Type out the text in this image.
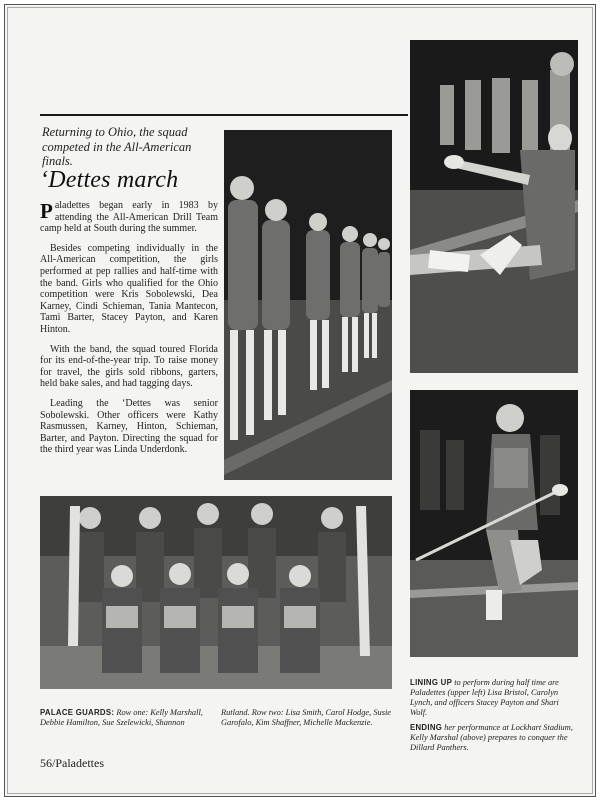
Returning to Ohio, the squad competed in the All-American finals.
‘Dettes march

Paladettes began early in 1983 by attending the All-American Drill Team camp held at South during the summer.

Besides competing individually in the All-American competition, the girls performed at pep rallies and half-time with the band. Girls who qualified for the Ohio competition were Kris Sobolewski, Dea Karney, Cindi Schieman, Tania Mantecon, Tami Barter, Stacey Payton, and Karen Hinton.

With the band, the squad toured Florida for its end-of-the-year trip. To raise money for travel, the girls sold ribbons, garters, held bake sales, and had tagging days.

Leading the ‘Dettes was senior Sobolewski. Other officers were Kathy Rasmussen, Karney, Hinton, Schieman, Barter, and Payton. Directing the squad for the third year was Linda Underdonk.

PALACE GUARDS: Row one: Kelly Marshall, Debbie Hamilton, Sue Szelewicki, Shannon Rutland. Row two: Lisa Smith, Carol Hodge, Susie Garofalo, Kim Shaffner, Michelle Mackenzie.

LINING UP to perform during half time are Paladettes (upper left) Lisa Bristol, Carolyn Lynch, and officers Stacey Payton and Shari Wolf.

ENDING her performance at Lockhart Stadium, Kelly Marshal (above) prepares to conquer the Dillard Panthers.

56/Paladettes
